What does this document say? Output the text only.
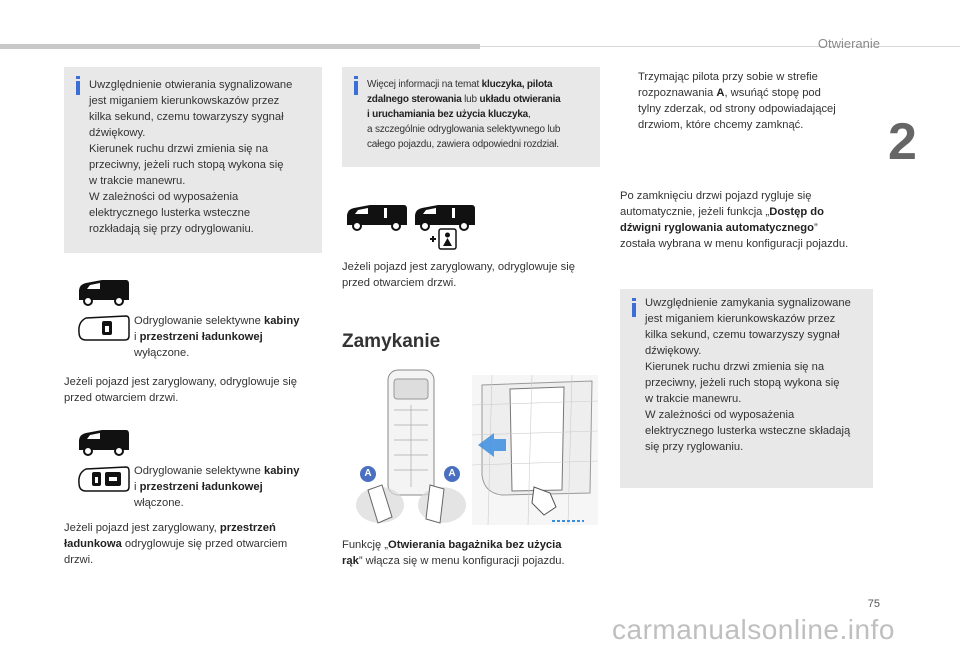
Otwieranie
2

Uwzględnienie otwierania sygnalizowane

jest miganiem kierunkowskazów przez

kilka sekund, czemu towarzyszy sygnał

dźwiękowy.

Kierunek ruchu drzwi zmienia się na

przeciwny, jeżeli ruch stopą wykona się

w trakcie manewru.

W zależności od wyposażenia

elektrycznego lusterka wsteczne

rozkładają się przy odryglowaniu.

Odryglowanie selektywne kabiny

i przestrzeni ładunkowej

wyłączone.

Jeżeli pojazd jest zaryglowany, odryglowuje się

przed otwarciem drzwi.

Odryglowanie selektywne kabiny

i przestrzeni ładunkowej

włączone.

Jeżeli pojazd jest zaryglowany, przestrzeń

ładunkowa odryglowuje się przed otwarciem

drzwi.

Więcej informacji na temat kluczyka, pilota

zdalnego sterowania lub układu otwierania

i uruchamiania bez użycia kluczyka,

a szczególnie odryglowania selektywnego lub

całego pojazdu, zawiera odpowiedni rozdział.

Jeżeli pojazd jest zaryglowany, odryglowuje się

przed otwarciem drzwi.

Zamykanie
A	A

Funkcję „Otwierania bagażnika bez użycia

rąk” włącza się w menu konfiguracji pojazdu.

Trzymając pilota przy sobie w strefie

rozpoznawania A, wsuńąć stopę pod

tylny zderzak, od strony odpowiadającej

drzwiom, które chcemy zamknąć.

Po zamknięciu drzwi pojazd rygluje się

automatycznie, jeżeli funkcja „Dostęp do

dźwigni ryglowania automatycznego”

została wybrana w menu konfiguracji pojazdu.

Uwzględnienie zamykania sygnalizowane

jest miganiem kierunkowskazów przez

kilka sekund, czemu towarzyszy sygnał

dźwiękowy.

Kierunek ruchu drzwi zmienia się na

przeciwny, jeżeli ruch stopą wykona się

w trakcie manewru.

W zależności od wyposażenia

elektrycznego lusterka wsteczne składają

się przy ryglowaniu.

75
carmanualsonline.info
